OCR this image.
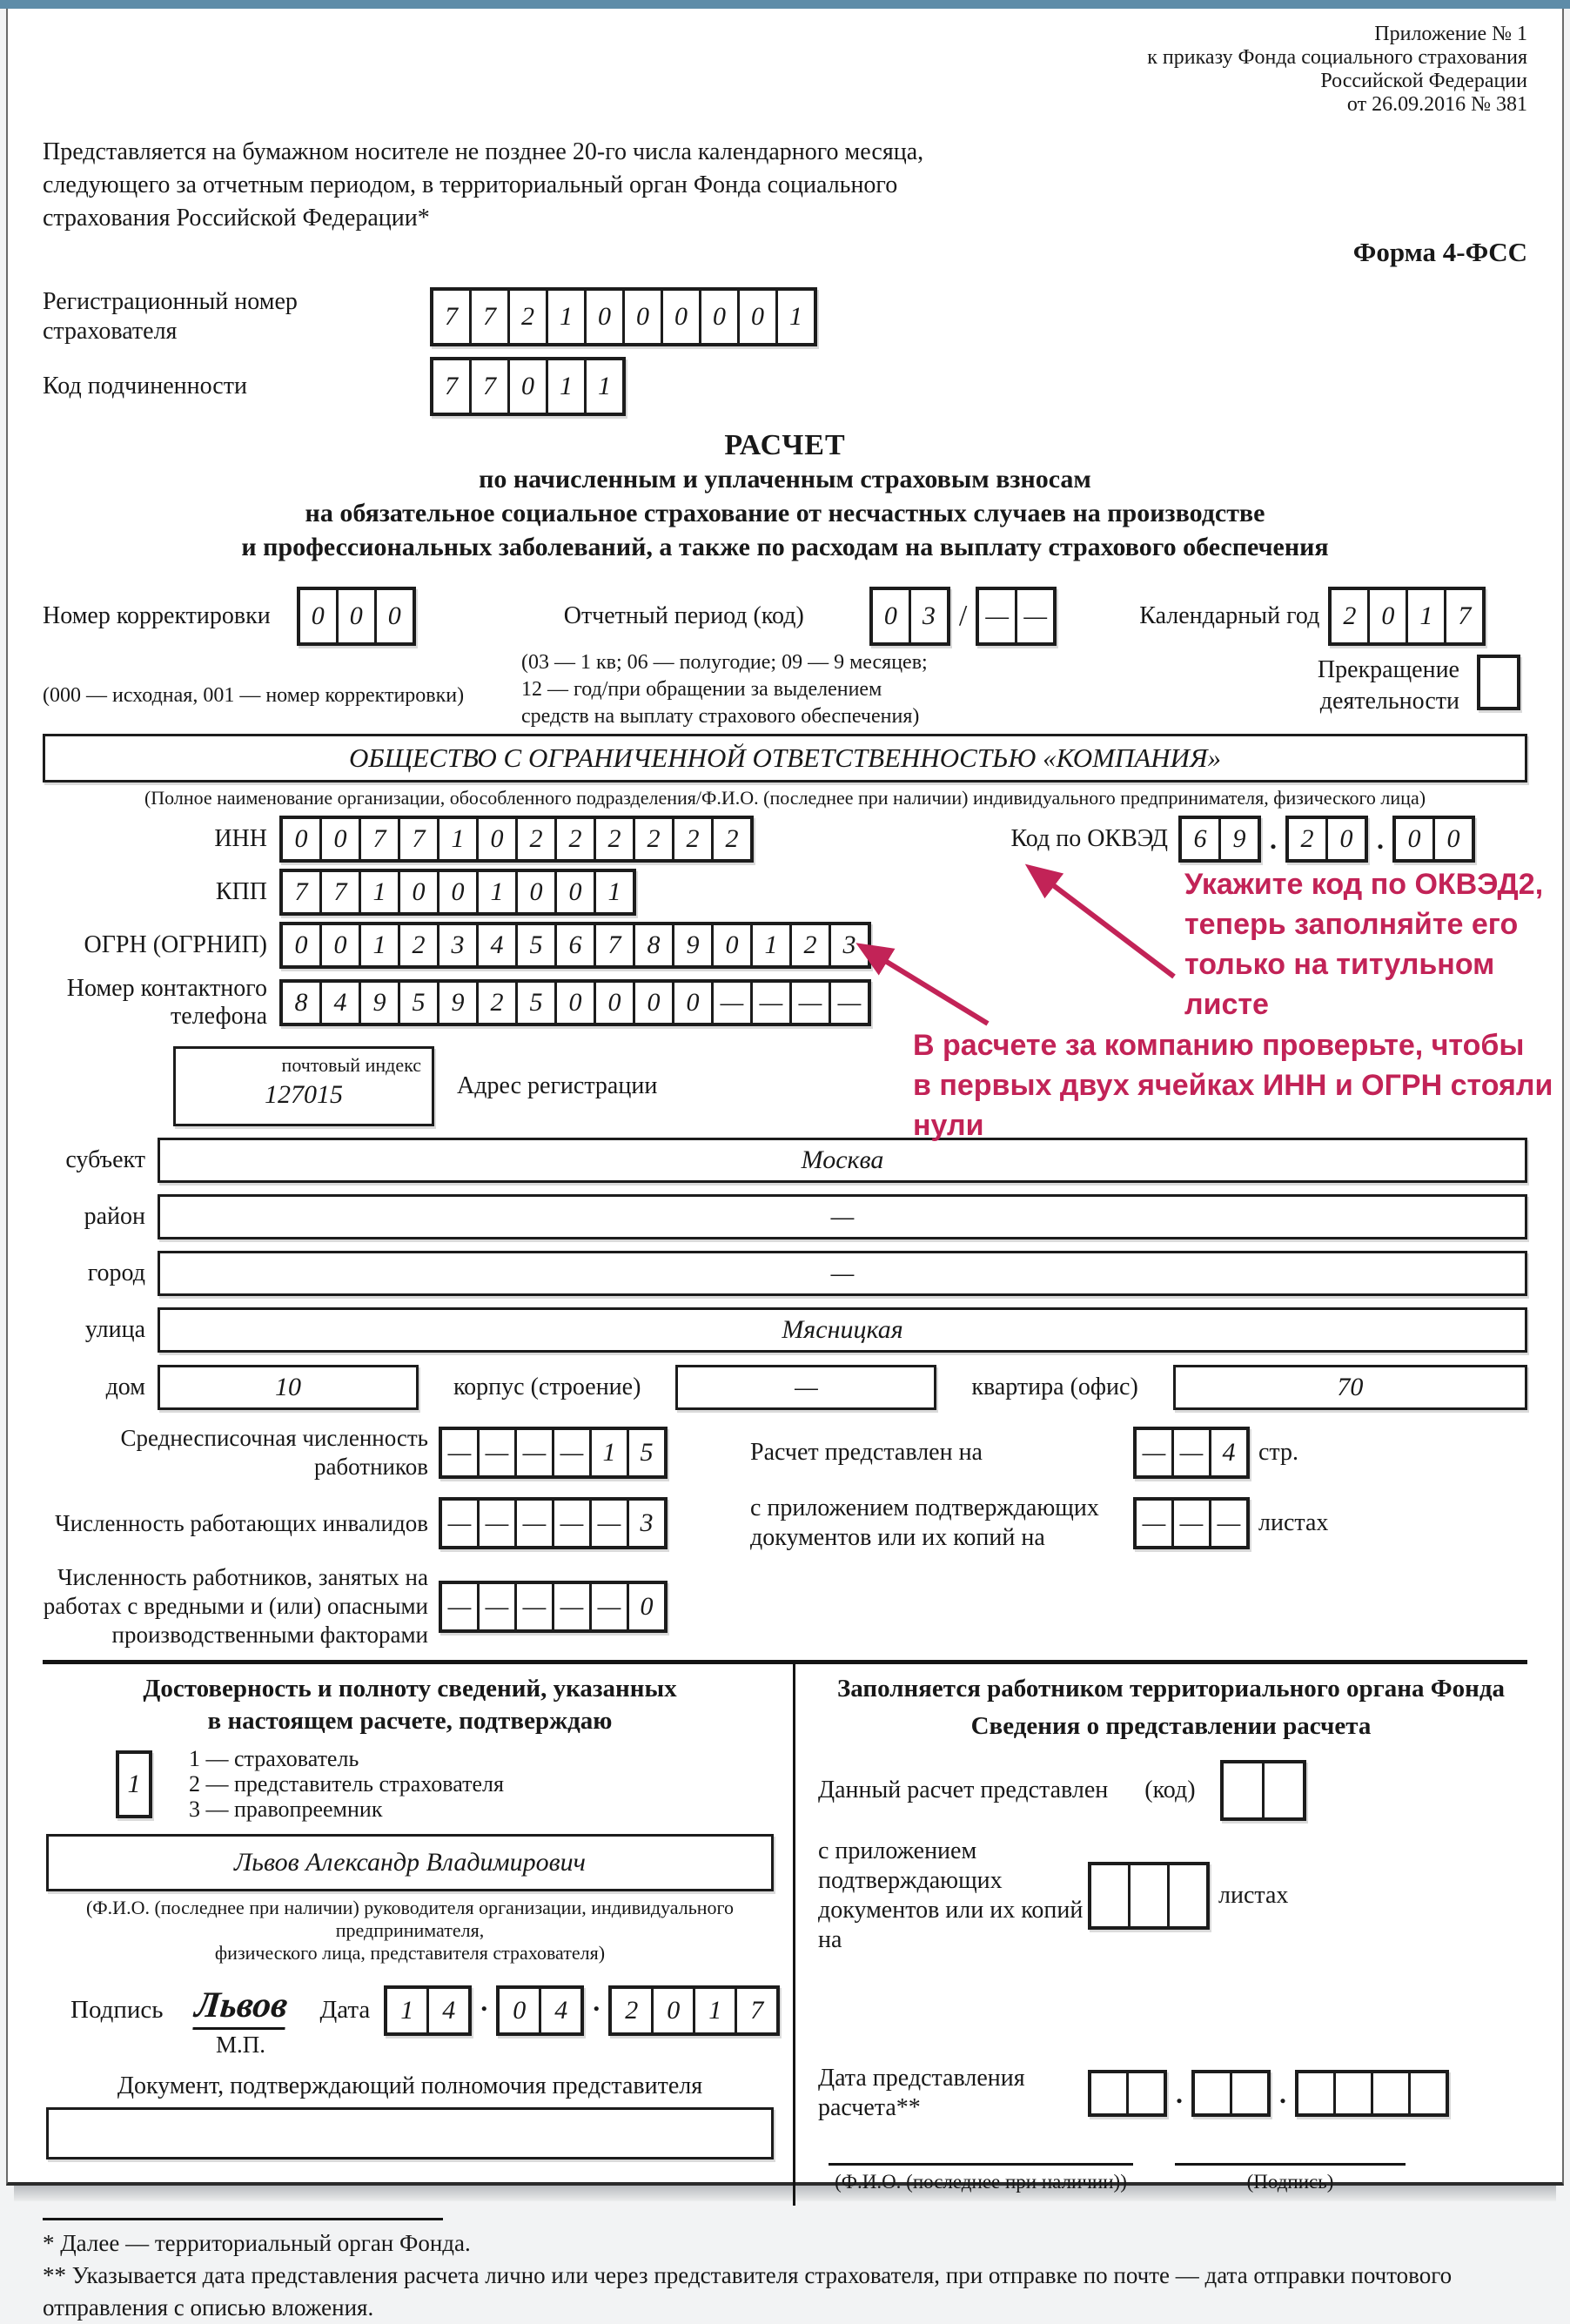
Приложение № 1
к приказу Фонда социального страхования
Российской Федерации
от 26.09.2016 № 381
Представляется на бумажном носителе не позднее 20-го числа календарного месяца, следующего за отчетным периодом, в территориальный орган Фонда социального страхования Российской Федерации*
Форма 4-ФСС
Регистрационный номер
страхователя
7 7 2 1 0 0 0 0 0 1
Код подчиненности	7 7 0 1 1
РАСЧЕТ
по начисленным и уплаченным страховым взносам
на обязательное социальное страхование от несчастных случаев на производстве
и профессиональных заболеваний, а также по расходам на выплату страхового обеспечения
Номер корректировки	0 0 0	Отчетный период (код)	0 3 / — —	Календарный год 2 0 1 7
(000 — исходная, 001 — номер корректировки)
(03 — 1 кв; 06 — полугодие; 09 — 9 месяцев;
12 — год/при обращении за выделением
средств на выплату страхового обеспечения)
Прекращение
деятельности
ОБЩЕСТВО С ОГРАНИЧЕННОЙ ОТВЕТСТВЕННОСТЬЮ «КОМПАНИЯ»
(Полное наименование организации, обособленного подразделения/Ф.И.О. (последнее при наличии) индивидуального предпринимателя, физического лица)
ИНН	0	0	7	7	1	0	2	2	2	2	2	2	Код по ОКВЭД 6	9 . 2	0 . 0	0
КПП	7	7	1	0	0	1	0	0	1
ОГРН (ОГРНИП)	0	0	1	2	3	4	5	6	7	8	9	0	1	2	3
Номер контактного
телефона	8	4	9	5	9	2	5	0	0	0	0 — — — —
Укажите код по ОКВЭД2,
теперь заполняйте его
только на титульном листе
В расчете за компанию проверьте, чтобы
в первых двух ячейках ИНН и ОГРН стояли нули
почтовый индекс
127015	Адрес регистрации
субъект	Москва
район	—
город	—
улица	Мясницкая
дом	10	корпус (строение)	—	квартира (офис)	70
Среднесписочная численность
работников — — — — 1 5	Расчет представлен на	— — 4 стр.
Численность работающих инвалидов — — — — — 3
с приложением подтверждающих
документов или их копий на
— — — листах
Численность работников, занятых на
работах с вредными и (или) опасными
производственными факторами
— — — — — 0
Достоверность и полноту сведений, указанных
в настоящем расчете, подтверждаю
1
1 — страхователь
2 — представитель страхователя
3 — правопреемник
Львов Александр Владимирович
(Ф.И.О. (последнее при наличии) руководителя организации, индивидуального предпринимателя,
физического лица, представителя страхователя)
Подпись Львов
М.П.
Дата	1	4 . 0	4 . 2	0	1	7
Документ, подтверждающий полномочия представителя
Заполняется работником территориального органа Фонда
Сведения о представлении расчета
Данный расчет представлен (код)
с приложением подтверждающих
документов или их копий на
листах
Дата представления
расчета**	.	.
(Ф.И.О. (последнее при наличии))	(Подпись)
* Далее — территориальный орган Фонда.
** Указывается дата представления расчета лично или через представителя страхователя, при отправке по почте — дата отправки почтового отправления с описью вложения.
